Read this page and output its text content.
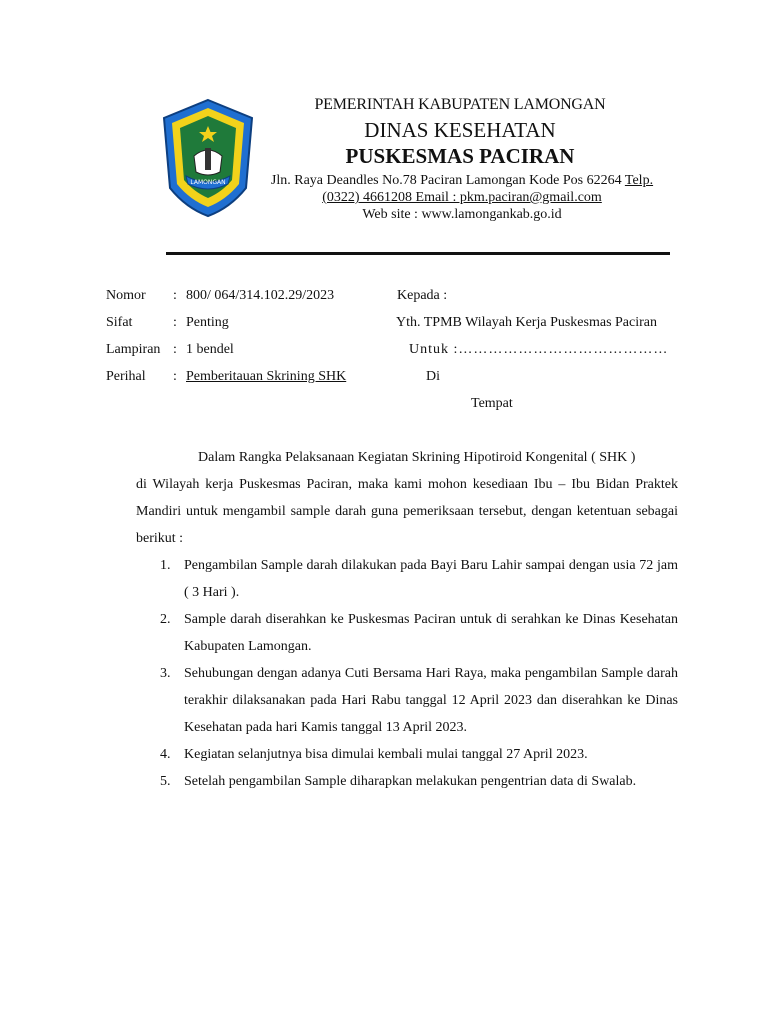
LAMONGAN
PEMERINTAH KABUPATEN LAMONGAN
DINAS KESEHATAN
PUSKESMAS PACIRAN
Jln. Raya Deandles No.78 Paciran Lamongan Kode Pos 62264 Telp. (0322) 4661208 Email : pkm.paciran@gmail.com
Web site : www.lamongankab.go.id
Nomor : 800/ 064/314.102.29/2023
Sifat	: Penting
Lampiran : 1 bendel
Perihal : Pemberitauan Skrining SHK
Kepada :
Yth. TPMB Wilayah Kerja Puskesmas Paciran
Untuk :……………………………………
Di
Tempat
Dalam Rangka Pelaksanaan Kegiatan Skrining Hipotiroid Kongenital ( SHK )
di Wilayah kerja Puskesmas Paciran, maka kami mohon kesediaan Ibu – Ibu Bidan Praktek Mandiri untuk mengambil sample darah guna pemeriksaan tersebut, dengan ketentuan sebagai berikut :
1. Pengambilan Sample darah dilakukan pada Bayi Baru Lahir sampai dengan usia 72 jam ( 3 Hari ).
2. Sample darah diserahkan ke Puskesmas Paciran untuk di serahkan ke Dinas Kesehatan Kabupaten Lamongan.
3. Sehubungan dengan adanya Cuti Bersama Hari Raya, maka pengambilan Sample darah terakhir dilaksanakan pada Hari Rabu tanggal 12 April 2023 dan diserahkan ke Dinas Kesehatan pada hari Kamis tanggal 13 April 2023.
4. Kegiatan selanjutnya bisa dimulai kembali mulai tanggal 27 April 2023.
5. Setelah pengambilan Sample diharapkan melakukan pengentrian data di Swalab.
